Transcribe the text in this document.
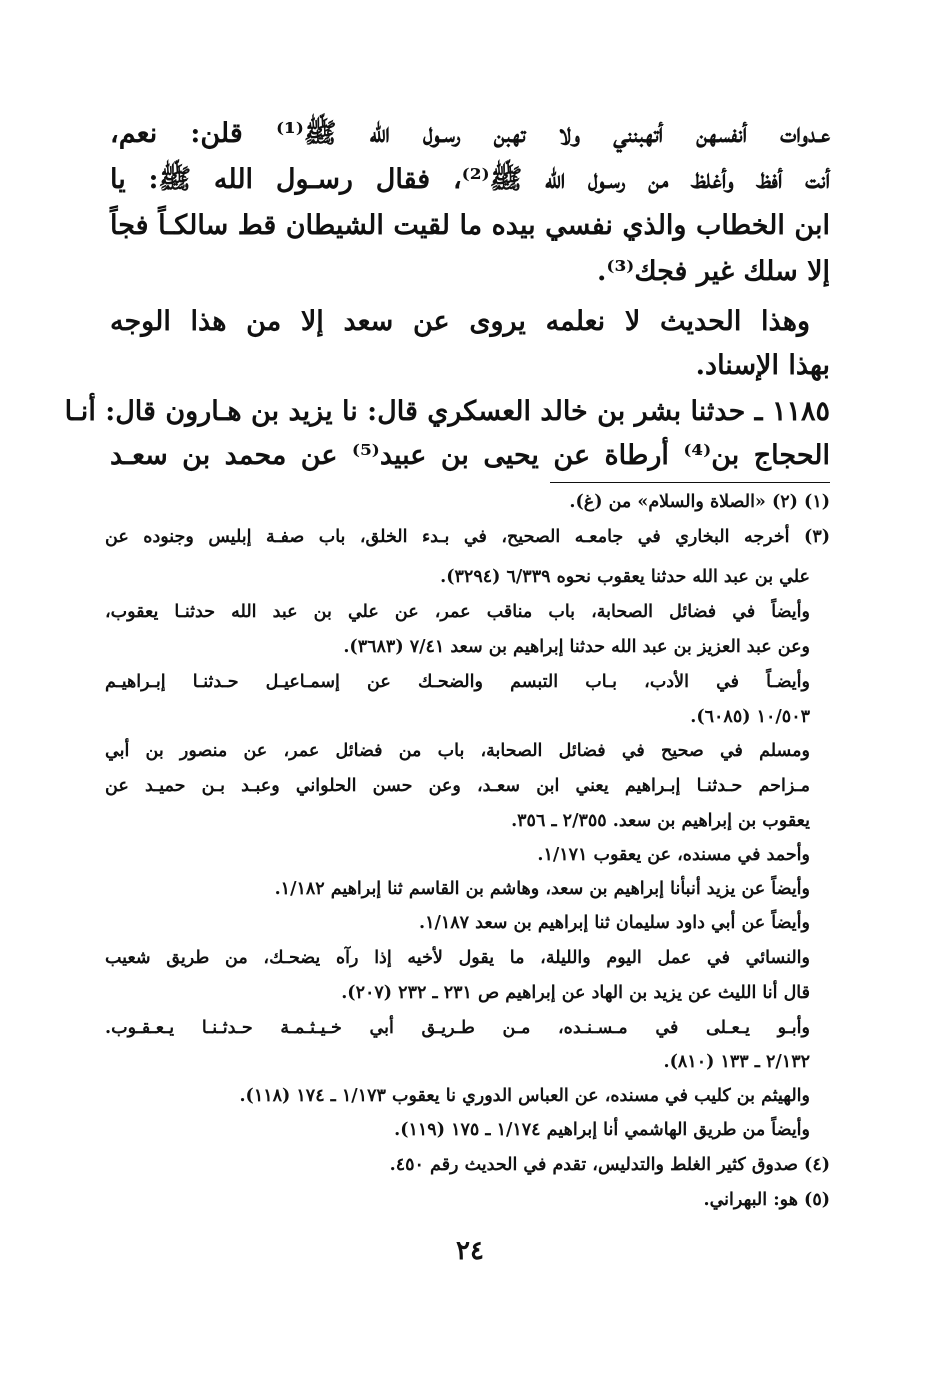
عـدوات أنفسهن أتهبنني ولا تهبن رسـول الله ﷺ⁽¹⁾ قلن: نعم،
أنت أفظ وأغلظ من رسـول الله ﷺ⁽²⁾، فقال رسـول الله ﷺ: يا
ابن الخطاب والذي نفسي بيده ما لقيت الشيطان قط سالكـاً فجاً
إلا سلك غير فجك⁽³⁾.
وهذا الحديث لا نعلمه يروى عن سعد إلا من هذا الوجه
بهذا الإسناد.
١١٨٥ ـ حدثنا بشر بن خالد العسكري قال: نا يزيد بن هـارون قال: أنـا
الحجاج بن⁽⁴⁾ أرطاة عن يحيى بن عبيد⁽⁵⁾ عن محمد بن سعـد
(١) (٢) «الصلاة والسلام» من (غ).
(٣) أخرجه البخاري في جامعـه الصحيح، في بـدء الخلق، باب صفـة إبليس وجنوده عن
علي بن عبد الله حدثنا يعقوب نحوه ٦/٣٣٩ (٣٢٩٤).
وأيضاً في فضائل الصحابة، باب مناقب عمر، عن علي بن عبد الله حدثنـا يعقوب،
وعن عبد العزيز بن عبد الله حدثنا إبراهيم بن سعد ٧/٤١ (٣٦٨٣).
وأيضـاً في الأدب، بـاب التبسم والضحـك عن إسمـاعيـل حـدثنـا إبـراهيـم
١٠/٥٠٣ (٦٠٨٥).
ومسلم في صحيح في فضائل الصحابة، باب من فضائل عمر، عن منصور بن أبي
مـزاحم حـدثنـا إبـراهيم يعني ابن سعـد، وعن حسن الحلواني وعبـد بـن حميـد عن
يعقوب بن إبراهيم بن سعد. ٢/٣٥٥ ـ ٣٥٦.
وأحمد في مسنده، عن يعقوب ١/١٧١.
وأيضاً عن يزيد أنبأنا إبراهيم بن سعد، وهاشم بن القاسم ثنا إبراهيم ١/١٨٢.
وأيضاً عن أبي داود سليمان ثنا إبراهيم بن سعد ١/١٨٧.
والنسائي في عمل اليوم والليلة، ما يقول لأخيه إذا رآه يضحـك، من طريق شعيب
قال أنا الليث عن يزيد بن الهاد عن إبراهيم ص ٢٣١ ـ ٢٣٢ (٢٠٧).
وأبـو يـعـلى في مـسـنـده، مـن طـريـق أبي خـيـثـمـة حـدثـنـا يـعـقـوب.
٢/١٣٢ ـ ١٣٣ (٨١٠).
والهيثم بن كليب في مسنده، عن العباس الدوري نا يعقوب ١/١٧٣ ـ ١٧٤ (١١٨).
وأيضاً من طريق الهاشمي أنا إبراهيم ١/١٧٤ ـ ١٧٥ (١١٩).
(٤) صدوق كثير الغلط والتدليس، تقدم في الحديث رقم ٤٥٠.
(٥) هو: البهراني.
٢٤
